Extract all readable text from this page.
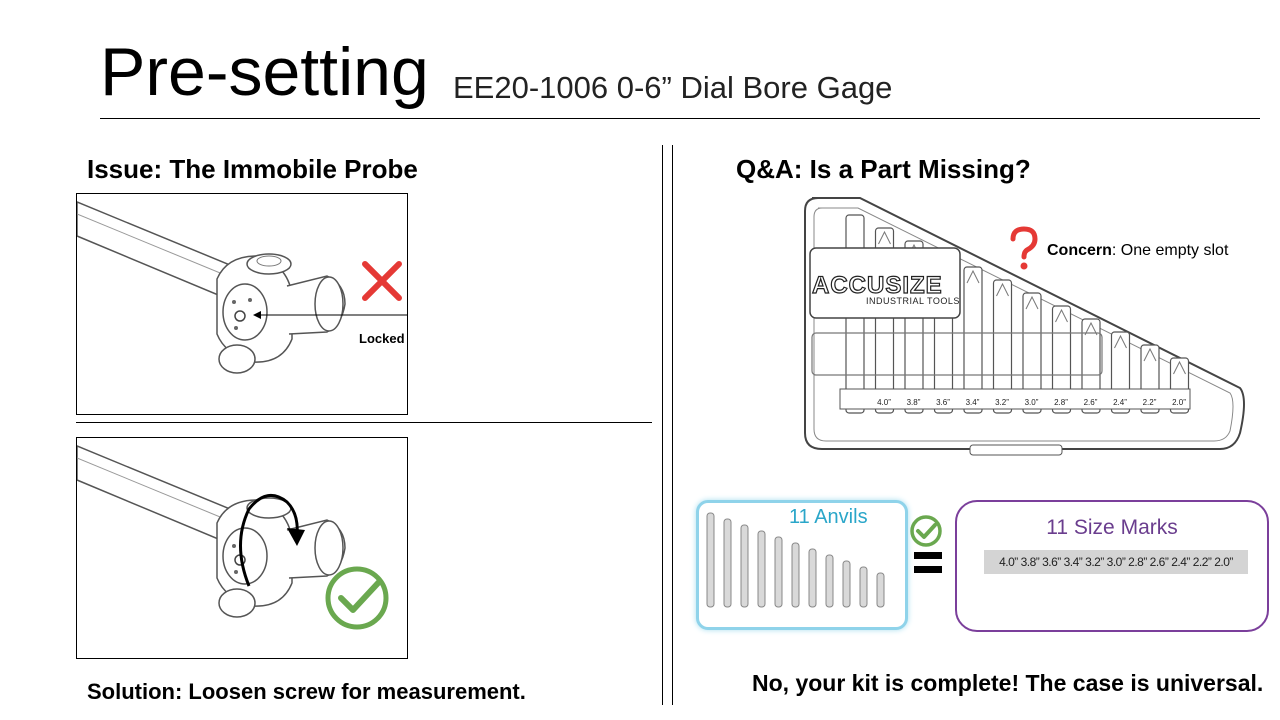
Pre-setting EE20-1006 0-6” Dial Bore Gage
Issue: The Immobile Probe
Locked
Solution: Loosen screw for measurement.
Q&A: Is a Part Missing?
4.0” 3.8” 3.6” 3.4” 3.2” 3.0” 2.8” 2.6” 2.4” 2.2” 2.0”
ACCUSIZE
INDUSTRIAL TOOLS
Concern: One empty slot
11 Anvils	11 Size Marks
4.0” 3.8” 3.6” 3.4” 3.2” 3.0” 2.8” 2.6” 2.4” 2.2” 2.0”
No, your kit is complete! The case is universal.
